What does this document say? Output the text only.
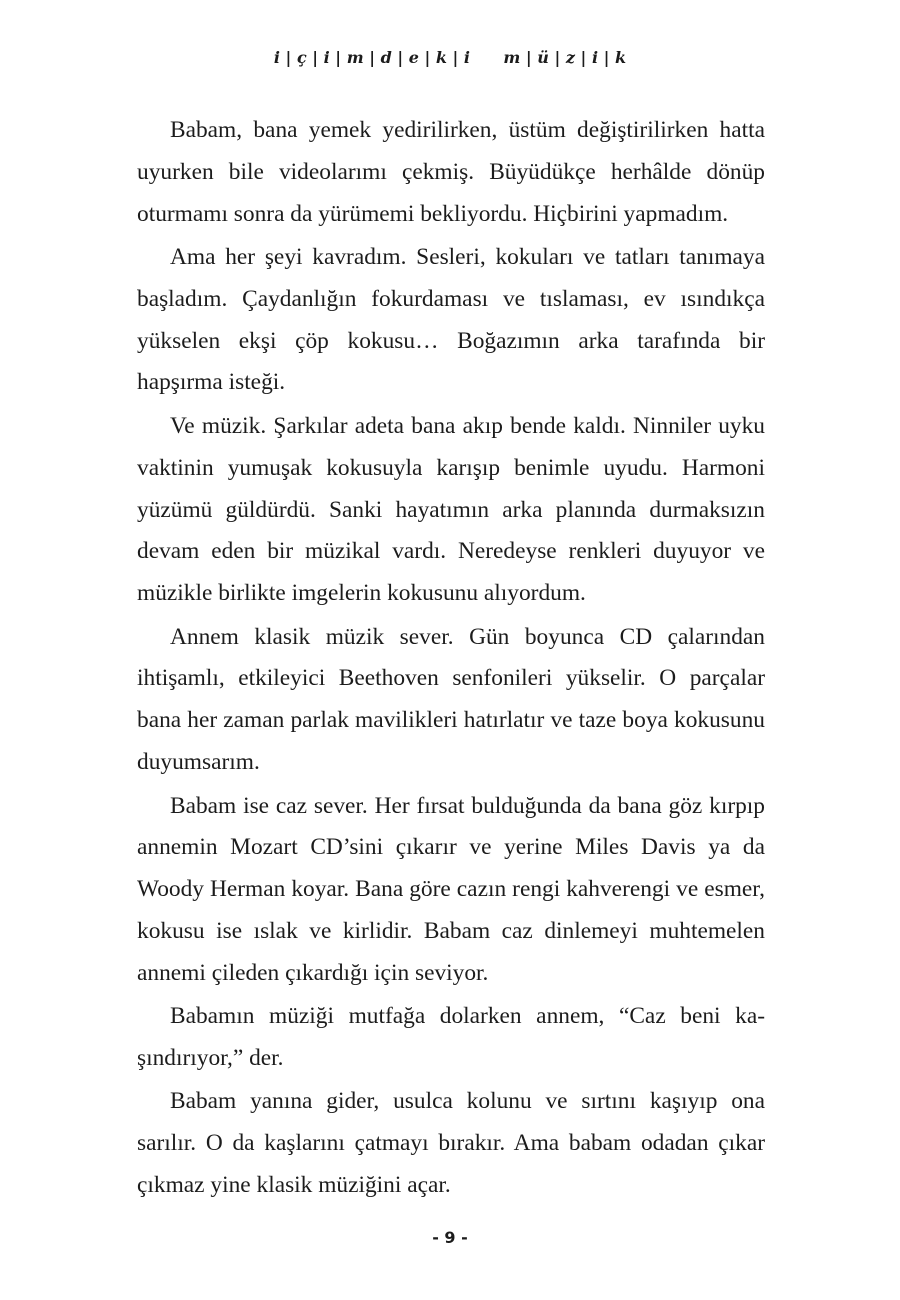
i | ç | i | m | d | e | k | i      m | ü | z | i | k

Babam, bana yemek yedirilirken, üstüm değiştirilirken hatta uyurken bile videolarımı çekmiş. Büyüdükçe herhâlde dönüp oturmamı sonra da yürümemi bekliyordu. Hiçbirini yapmadım.

Ama her şeyi kavradım. Sesleri, kokuları ve tatları tanımaya başladım. Çaydanlığın fokurdaması ve tıslaması, ev ısındıkça yükselen ekşi çöp kokusu… Boğazımın arka tarafında bir hapşırma isteği.

Ve müzik. Şarkılar adeta bana akıp bende kaldı. Ninniler uyku vaktinin yumuşak kokusuyla karışıp benimle uyudu. Harmoni yüzümü güldürdü. Sanki hayatımın arka planında durmaksızın devam eden bir müzikal vardı. Neredeyse renkleri duyuyor ve müzikle birlikte imgelerin kokusunu alıyordum.

Annem klasik müzik sever. Gün boyunca CD çalarından ihtişamlı, etkileyici Beethoven senfonileri yükselir. O parçalar bana her zaman parlak mavilikleri hatırlatır ve taze boya kokusunu duyumsarım.

Babam ise caz sever. Her fırsat bulduğunda da bana göz kırpıp annemin Mozart CD’sini çıkarır ve yerine Miles Davis ya da Woody Herman koyar. Bana göre cazın rengi kahverengi ve esmer, kokusu ise ıslak ve kirlidir. Babam caz dinlemeyi muhtemelen annemi çileden çıkardığı için seviyor.

Babamın müziği mutfağa dolarken annem, “Caz beni kaşındırıyor,” der.

Babam yanına gider, usulca kolunu ve sırtını kaşıyıp ona sarılır. O da kaşlarını çatmayı bırakır. Ama babam odadan çıkar çıkmaz yine klasik müziğini açar.

- 9 -
